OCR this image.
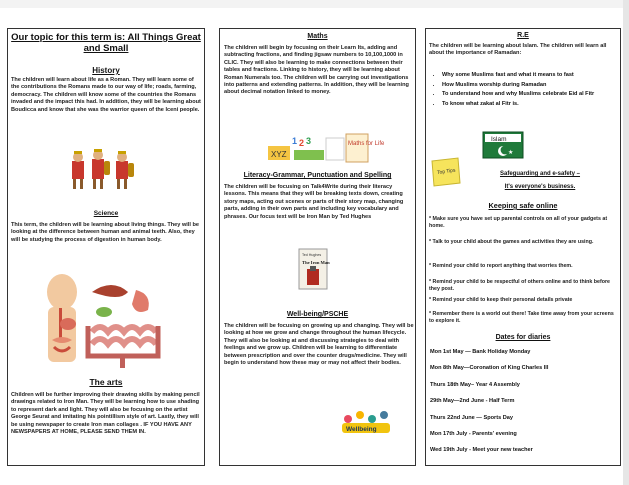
Our topic for this term is: All Things Great and Small
History
The children will learn about life as a Roman. They will learn some of the contributions the Romans made to our way of life; roads, farming, democracy. The children will know some of the countries the Romans invaded and the impact this had. In addition, they will be learning about Boudicca and know that she was the warrior queen of the Iceni people.
Science
This term, the children will be learning about living things. They will be looking at the difference between human and animal teeth. Also, they will be studying the process of digestion in human body.
The arts
Children will be further improving their drawing skills by making pencil drawings related to Iron Man. They will be learning how to use shading to represent dark and light. They will also be focusing on the artist George Seurat and imitating his pointillism style of art. Lastly, they will be using newspaper to create Iron man collages . IF YOU HAVE ANY NEWSPAPERS AT HOME, PLEASE SEND THEM IN.
Maths
The children will begin by focusing on their Learn Its, adding and subtracting fractions, and finding jigsaw numbers to 10,100,1000 in CLIC. They will also be learning to make connections between their tables and fractions. Linking to history, they will be learning about Roman Numerals too. The children will be carrying out investigations into patterns and extending patterns. In addition, they will be learning about decimal notation linked to money.
XYZ
1 2 3	Maths for Life
Literacy-Grammar, Punctuation and Spelling
The children will be focusing on Talk4Write during their literacy lessons. This means that they will be breaking texts down, creating story maps, acting out scenes or parts of their story map, changing parts, adding in their own parts and including key vocabulary and phrases. Our focus text will be Iron Man by Ted Hughes
Ted Hughes
The Iron Man
Well-being/PSCHE
The children will be focusing on growing up and changing. They will be looking at how we grow and change throughout the human lifecycle. They will also be looking at and discussing strategies to deal with feelings and we grow up. Children will be learning to differentiate between prescription and over the counter drugs/medicine. They will begin to understand how these may or may not affect their bodies.
Wellbeing
R.E
The children will be learning about Islam. The children will learn all about the importance of Ramadan:
• Why some Muslims fast and what it means to fast
• How Muslims worship during Ramadan
• To understand how and why Muslims celebrate Eid al Fitr
• To know what zakat al Fitr is.
Islam
★
Top Tips	Safeguarding and e-safety –
It's everyone's business.
Keeping safe online
* Make sure you have set up parental controls on all of your gadgets at home.
* Talk to your child about the games and activities they are using.
* Remind your child to report anything that worries them.
* Remind your child to be respectful of others online and to think before they post.
* Remind your child to keep their personal details private
* Remember there is a world out there! Take time away from your screens to explore it.
Dates for diaries
Mon 1st May — Bank Holiday Monday
Mon 8th May—Coronation of King Charles III
Thurs 18th May– Year 4 Assembly
29th May—2nd June - Half Term
Thurs 22nd June — Sports Day
Mon 17th July - Parents' evening
Wed 19th July - Meet your new teacher
